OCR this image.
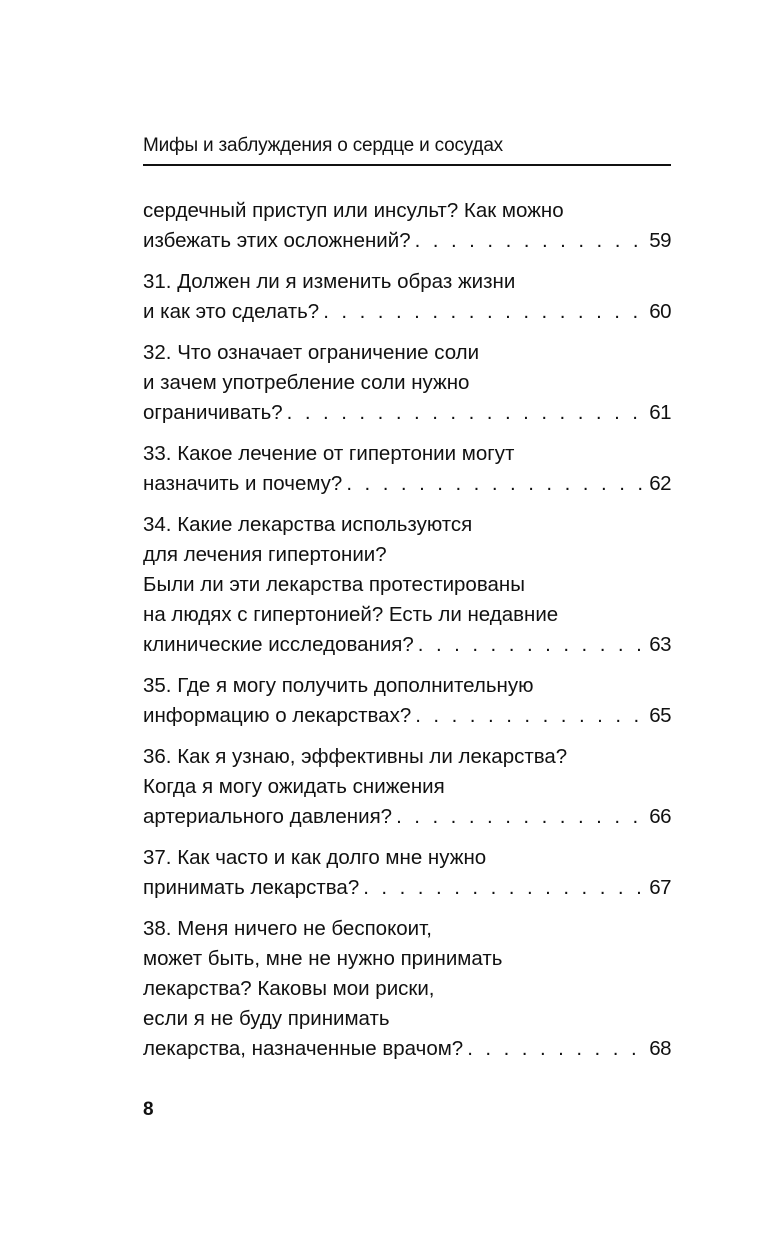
Мифы и заблуждения о сердце и сосудах
сердечный приступ или инсульт? Как можно
избежать этих осложнений? . . .	59
31. Должен ли я изменить образ жизни
и как это сделать? . . .	60
32. Что означает ограничение соли
и зачем употребление соли нужно
ограничивать? . . .	61
33. Какое лечение от гипертонии могут
назначить и почему? . . .	62
34. Какие лекарства используются
для лечения гипертонии?
Были ли эти лекарства протестированы
на людях с гипертонией? Есть ли недавние
клинические исследования? . . .	63
35. Где я могу получить дополнительную
информацию о лекарствах? . . .	65
36. Как я узнаю, эффективны ли лекарства?
Когда я могу ожидать снижения
артериального давления? . . .	66
37. Как часто и как долго мне нужно
принимать лекарства? . . .	67
38. Меня ничего не беспокоит,
может быть, мне не нужно принимать
лекарства? Каковы мои риски,
если я не буду принимать
лекарства, назначенные врачом? . . .	68
8
